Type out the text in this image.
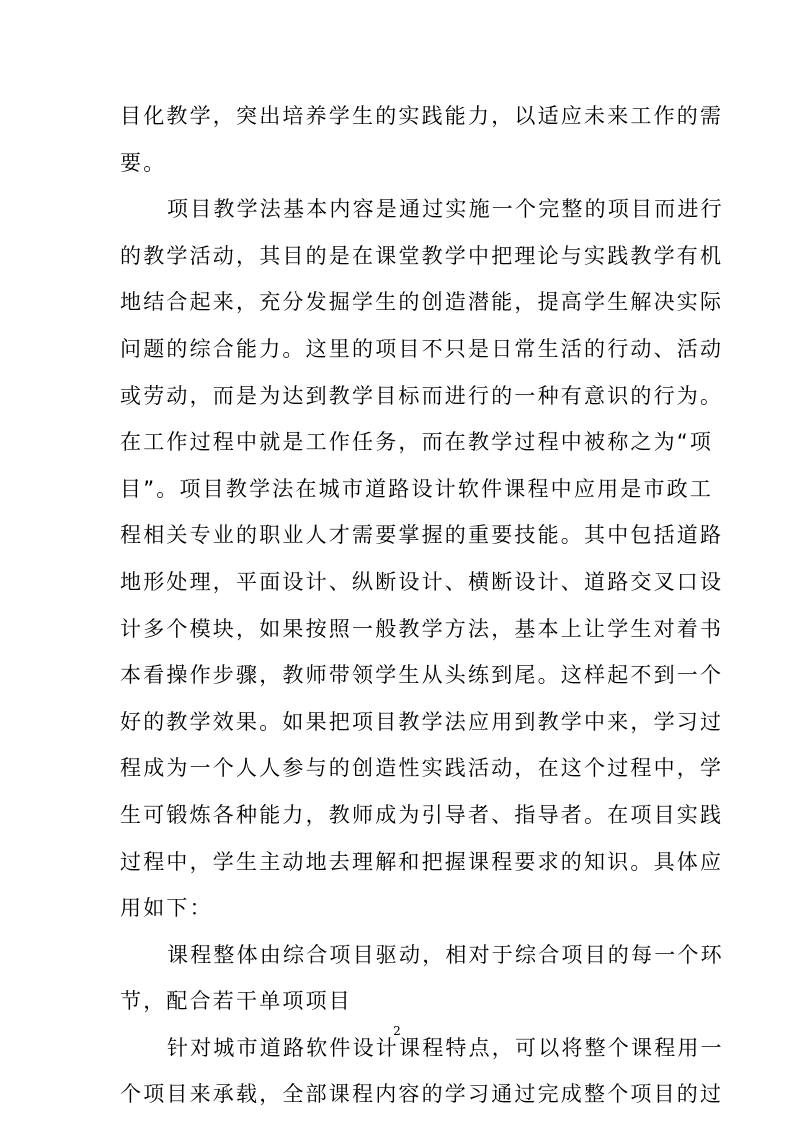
目化教学，突出培养学生的实践能力，以适应未来工作的需
要。
项目教学法基本内容是通过实施一个完整的项目而进行
的教学活动，其目的是在课堂教学中把理论与实践教学有机
地结合起来，充分发掘学生的创造潜能，提高学生解决实际
问题的综合能力。这里的项目不只是日常生活的行动、活动
或劳动，而是为达到教学目标而进行的一种有意识的行为。
在工作过程中就是工作任务，而在教学过程中被称之为“项
目”。项目教学法在城市道路设计软件课程中应用是市政工
程相关专业的职业人才需要掌握的重要技能。其中包括道路
地形处理，平面设计、纵断设计、横断设计、道路交叉口设
计多个模块，如果按照一般教学方法，基本上让学生对着书
本看操作步骤，教师带领学生从头练到尾。这样起不到一个
好的教学效果。如果把项目教学法应用到教学中来，学习过
程成为一个人人参与的创造性实践活动，在这个过程中，学
生可锻炼各种能力，教师成为引导者、指导者。在项目实践
过程中，学生主动地去理解和把握课程要求的知识。具体应
用如下：
课程整体由综合项目驱动，相对于综合项目的每一个环
节，配合若干单项项目
针对城市道路软件设计课程特点，可以将整个课程用一
个项目来承载，全部课程内容的学习通过完成整个项目的过
2
